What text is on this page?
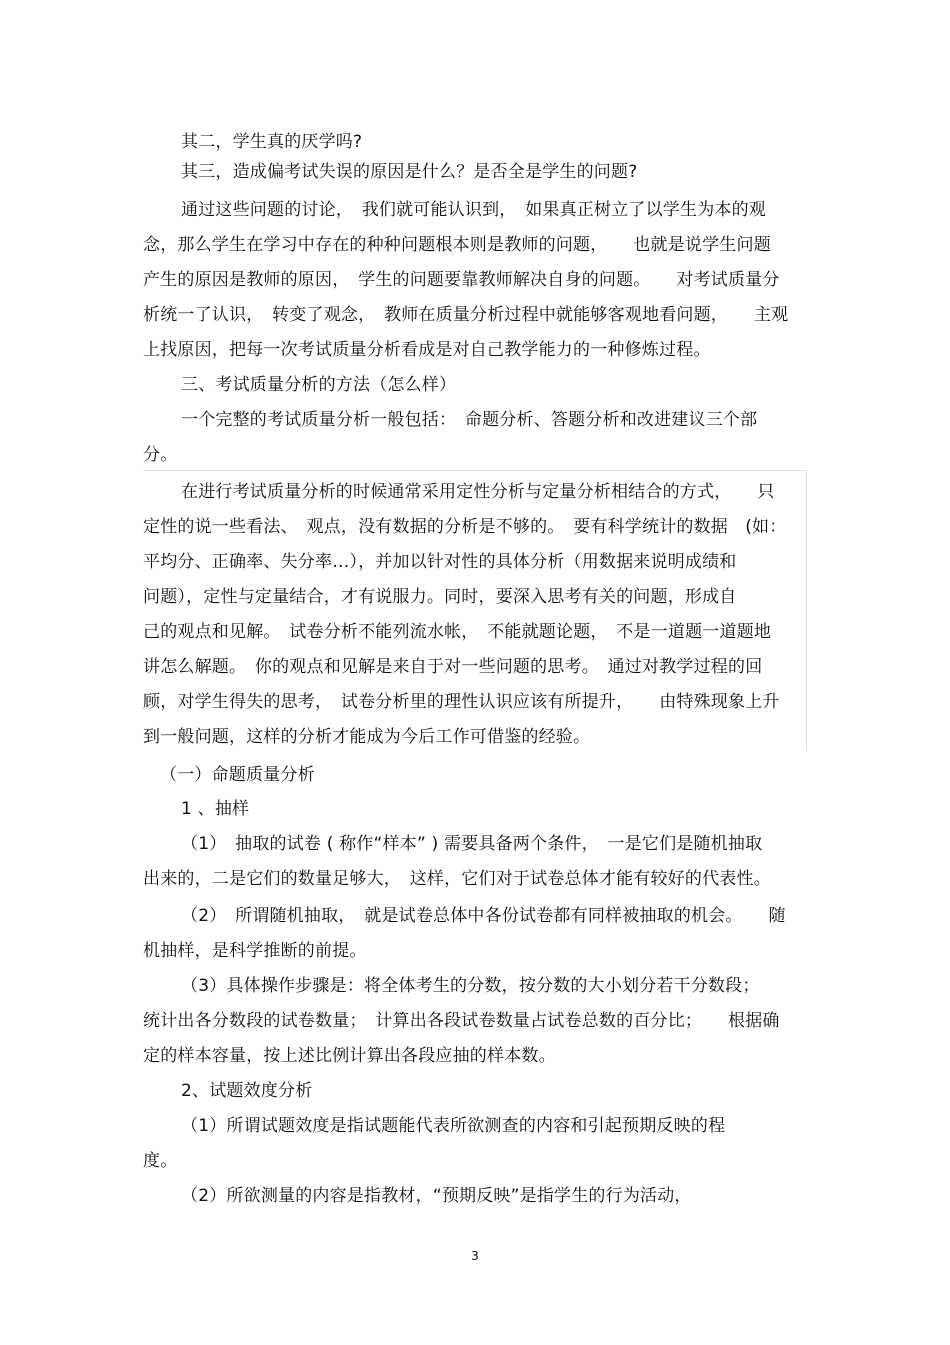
其二，学生真的厌学吗?
其三，造成偏考试失误的原因是什么？是否全是学生的问题?
通过这些问题的讨论，　我们就可能认识到，　如果真正树立了以学生为本的观
念，那么学生在学习中存在的种种问题根本则是教师的问题，　　也就是说学生问题
产生的原因是教师的原因，　学生的问题要靠教师解决自身的问题。　　对考试质量分
析统一了认识，　转变了观念，　教师在质量分析过程中就能够客观地看问题，　　主观
上找原因，把每一次考试质量分析看成是对自己教学能力的一种修炼过程。
三、考试质量分析的方法（怎么样）
一个完整的考试质量分析一般包括：　命题分析、答题分析和改进建议三个部
分。
在进行考试质量分析的时候通常采用定性分析与定量分析相结合的方式，　　只
定性的说一些看法、　观点，没有数据的分析是不够的。　要有科学统计的数据　(如：
平均分、正确率、失分率…），并加以针对性的具体分析（用数据来说明成绩和
问题），定性与定量结合，才有说服力。同时，要深入思考有关的问题，形成自
己的观点和见解。　试卷分析不能列流水帐，　不能就题论题，　不是一道题一道题地
讲怎么解题。　你的观点和见解是来自于对一些问题的思考。　通过对教学过程的回
顾，对学生得失的思考，　试卷分析里的理性认识应该有所提升，　　由特殊现象上升
到一般问题，这样的分析才能成为今后工作可借鉴的经验。
（一）命题质量分析
1 、抽样
（1）　抽取的试卷 ( 称作“样本” ) 需要具备两个条件，　一是它们是随机抽取
出来的，二是它们的数量足够大，　这样，它们对于试卷总体才能有较好的代表性。
（2）　所谓随机抽取，　就是试卷总体中各份试卷都有同样被抽取的机会。　　随
机抽样，是科学推断的前提。
（3）具体操作步骤是：将全体考生的分数，按分数的大小划分若干分数段；
统计出各分数段的试卷数量；　计算出各段试卷数量占试卷总数的百分比；　　根据确
定的样本容量，按上述比例计算出各段应抽的样本数。
2、试题效度分析
（1）所谓试题效度是指试题能代表所欲测查的内容和引起预期反映的程
度。
（2）所欲测量的内容是指教材，“预期反映”是指学生的行为活动，
3
